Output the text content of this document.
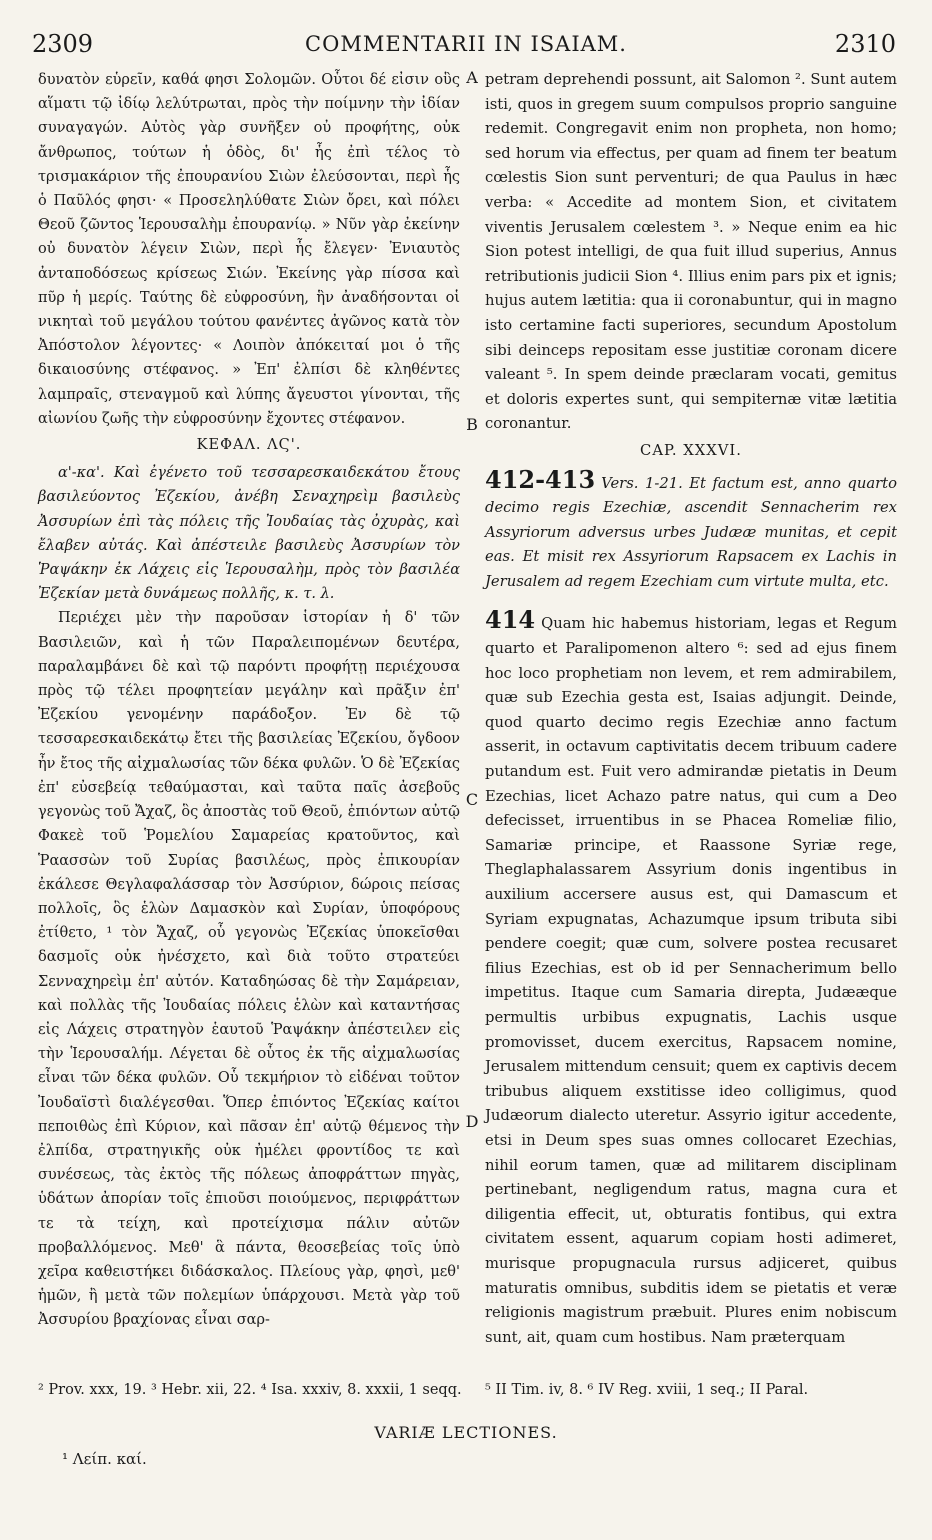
2309	COMMENTARII IN ISAIAM.	2310

δυνατὸν εὑρεῖν, καθά φησι Σολομῶν. Οὗτοι δέ εἰσιν οὓς αἵματι τῷ ἰδίῳ λελύτρωται, πρὸς τὴν ποίμνην τὴν ἰδίαν συναγαγών. Αὐτὸς γὰρ συνῆξεν οὐ προφήτης, οὐκ ἄνθρωπος, τούτων ἡ ὁδὸς, δι' ἧς ἐπὶ τέλος τὸ τρισμακάριον τῆς ἐπουρανίου Σιὼν ἐλεύσονται, περὶ ἧς ὁ Παῦλός φησι· « Προσεληλύθατε Σιὼν ὄρει, καὶ πόλει Θεοῦ ζῶντος Ἱερουσαλὴμ ἐπουρανίῳ. » Νῦν γὰρ ἐκείνην οὐ δυνατὸν λέγειν Σιὼν, περὶ ἧς ἔλεγεν· Ἐνιαυτὸς ἀνταποδόσεως κρίσεως Σιών. Ἐκείνης γὰρ πίσσα καὶ πῦρ ἡ μερίς. Ταύτης δὲ εὐφροσύνη, ἣν ἀναδήσονται οἱ νικηταὶ τοῦ μεγάλου τούτου φανέντες ἀγῶνος κατὰ τὸν Ἀπόστολον λέγοντες· « Λοιπὸν ἀπόκειταί μοι ὁ τῆς δικαιοσύνης στέφανος. » Ἐπ' ἐλπίσι δὲ κληθέντες λαμπραῖς, στεναγμοῦ καὶ λύπης ἄγευστοι γίνονται, τῆς αἰωνίου ζωῆς τὴν εὐφροσύνην ἔχοντες στέφανον.

ΚΕΦΑΛ. ΛϚ'.

α'-κα'. Καὶ ἐγένετο τοῦ τεσσαρεσκαιδεκάτου ἔτους βασιλεύοντος Ἐζεκίου, ἀνέβη Σεναχηρεὶμ βασιλεὺς Ἀσσυρίων ἐπὶ τὰς πόλεις τῆς Ἰουδαίας τὰς ὀχυρὰς, καὶ ἔλαβεν αὐτάς. Καὶ ἀπέστειλε βασιλεὺς Ἀσσυρίων τὸν Ῥαψάκην ἐκ Λάχεις εἰς Ἱερουσαλὴμ, πρὸς τὸν βασιλέα Ἐζεκίαν μετὰ δυνάμεως πολλῆς, κ. τ. λ.

Περιέχει μὲν τὴν παροῦσαν ἱστορίαν ἡ δ' τῶν Βασιλειῶν, καὶ ἡ τῶν Παραλειπομένων δευτέρα, παραλαμβάνει δὲ καὶ τῷ παρόντι προφήτῃ περιέχουσα πρὸς τῷ τέλει προφητείαν μεγάλην καὶ πρᾶξιν ἐπ' Ἐζεκίου γενομένην παράδοξον. Ἐν δὲ τῷ τεσσαρεσκαιδεκάτῳ ἔτει τῆς βασιλείας Ἐζεκίου, ὄγδοον ἦν ἔτος τῆς αἰχμαλωσίας τῶν δέκα φυλῶν. Ὁ δὲ Ἐζεκίας ἐπ' εὐσεβείᾳ τεθαύμασται, καὶ ταῦτα παῖς ἀσεβοῦς γεγονὼς τοῦ Ἄχαζ, ὃς ἀποστὰς τοῦ Θεοῦ, ἐπιόντων αὐτῷ Φακεὲ τοῦ Ῥομελίου Σαμαρείας κρατοῦντος, καὶ Ῥαασσὼν τοῦ Συρίας βασιλέως, πρὸς ἐπικουρίαν ἐκάλεσε Θεγλαφαλάσσαρ τὸν Ἀσσύριον, δώροις πείσας πολλοῖς, ὃς ἑλὼν Δαμασκὸν καὶ Συρίαν, ὑποφόρους ἐτίθετο, ¹ τὸν Ἄχαζ, οὗ γεγονὼς Ἐζεκίας ὑποκεῖσθαι δασμοῖς οὐκ ἠνέσχετο, καὶ διὰ τοῦτο στρατεύει Σενναχηρεὶμ ἐπ' αὐτόν. Καταδηώσας δὲ τὴν Σαμάρειαν, καὶ πολλὰς τῆς Ἰουδαίας πόλεις ἑλὼν καὶ καταντήσας εἰς Λάχεις στρατηγὸν ἑαυτοῦ Ῥαψάκην ἀπέστειλεν εἰς τὴν Ἱερουσαλήμ. Λέγεται δὲ οὗτος ἐκ τῆς αἰχμαλωσίας εἶναι τῶν δέκα φυλῶν. Οὗ τεκμήριον τὸ εἰδέναι τοῦτον Ἰουδαϊστὶ διαλέγεσθαι. Ὅπερ ἐπιόντος Ἐζεκίας καίτοι πεποιθὼς ἐπὶ Κύριον, καὶ πᾶσαν ἐπ' αὐτῷ θέμενος τὴν ἐλπίδα, στρατηγικῆς οὐκ ἠμέλει φροντίδος τε καὶ συνέσεως, τὰς ἐκτὸς τῆς πόλεως ἀποφράττων πηγὰς, ὑδάτων ἀπορίαν τοῖς ἐπιοῦσι ποιούμενος, περιφράττων τε τὰ τείχη, καὶ προτείχισμα πάλιν αὐτῶν προβαλλόμενος. Μεθ' ἃ πάντα, θεοσεβείας τοῖς ὑπὸ χεῖρα καθειστήκει διδάσκαλος. Πλείους γὰρ, φησὶ, μεθ' ἡμῶν, ἢ μετὰ τῶν πολεμίων ὑπάρχουσι. Μετὰ γὰρ τοῦ Ἀσσυρίου βραχίονας εἶναι σαρ-

A
B
C
D

petram deprehendi possunt, ait Salomon ². Sunt autem isti, quos in gregem suum compulsos proprio sanguine redemit. Congregavit enim non propheta, non homo; sed horum via effectus, per quam ad finem ter beatum cœlestis Sion sunt perventuri; de qua Paulus in hæc verba: « Accedite ad montem Sion, et civitatem viventis Jerusalem cœlestem ³. » Neque enim ea hic Sion potest intelligi, de qua fuit illud superius, Annus retributionis judicii Sion ⁴. Illius enim pars pix et ignis; hujus autem lætitia: qua ii coronabuntur, qui in magno isto certamine facti superiores, secundum Apostolum sibi deinceps repositam esse justitiæ coronam dicere valeant ⁵. In spem deinde præclaram vocati, gemitus et doloris expertes sunt, qui sempiternæ vitæ lætitia coronantur.

CAP. XXXVI.

412-413 Vers. 1-21. Et factum est, anno quarto decimo regis Ezechiæ, ascendit Sennacherim rex Assyriorum adversus urbes Judææ munitas, et cepit eas. Et misit rex Assyriorum Rapsacem ex Lachis in Jerusalem ad regem Ezechiam cum virtute multa, etc.

414 Quam hic habemus historiam, legas et Regum quarto et Paralipomenon altero ⁶: sed ad ejus finem hoc loco prophetiam non levem, et rem admirabilem, quæ sub Ezechia gesta est, Isaias adjungit. Deinde, quod quarto decimo regis Ezechiæ anno factum asserit, in octavum captivitatis decem tribuum cadere putandum est. Fuit vero admirandæ pietatis in Deum Ezechias, licet Achazo patre natus, qui cum a Deo defecisset, irruentibus in se Phacea Romeliæ filio, Samariæ principe, et Raassone Syriæ rege, Theglaphalassarem Assyrium donis ingentibus in auxilium accersere ausus est, qui Damascum et Syriam expugnatas, Achazumque ipsum tributa sibi pendere coegit; quæ cum, solvere postea recusaret filius Ezechias, est ob id per Sennacherimum bello impetitus. Itaque cum Samaria direpta, Judææque permultis urbibus expugnatis, Lachis usque promovisset, ducem exercitus, Rapsacem nomine, Jerusalem mittendum censuit; quem ex captivis decem tribubus aliquem exstitisse ideo colligimus, quod Judæorum dialecto uteretur. Assyrio igitur accedente, etsi in Deum spes suas omnes collocaret Ezechias, nihil eorum tamen, quæ ad militarem disciplinam pertinebant, negligendum ratus, magna cura et diligentia effecit, ut, obturatis fontibus, qui extra civitatem essent, aquarum copiam hosti adimeret, murisque propugnacula rursus adjiceret, quibus maturatis omnibus, subditis idem se pietatis et veræ religionis magistrum præbuit. Plures enim nobiscum sunt, ait, quam cum hostibus. Nam præterquam

² Prov. xxx, 19. ³ Hebr. xii, 22. ⁴ Isa. xxxiv, 8. xxxii, 1 seqq.	⁵ II Tim. iv, 8. ⁶ IV Reg. xviii, 1 seq.; II Paral.
VARIÆ LECTIONES.
¹ Λείπ. καί.
